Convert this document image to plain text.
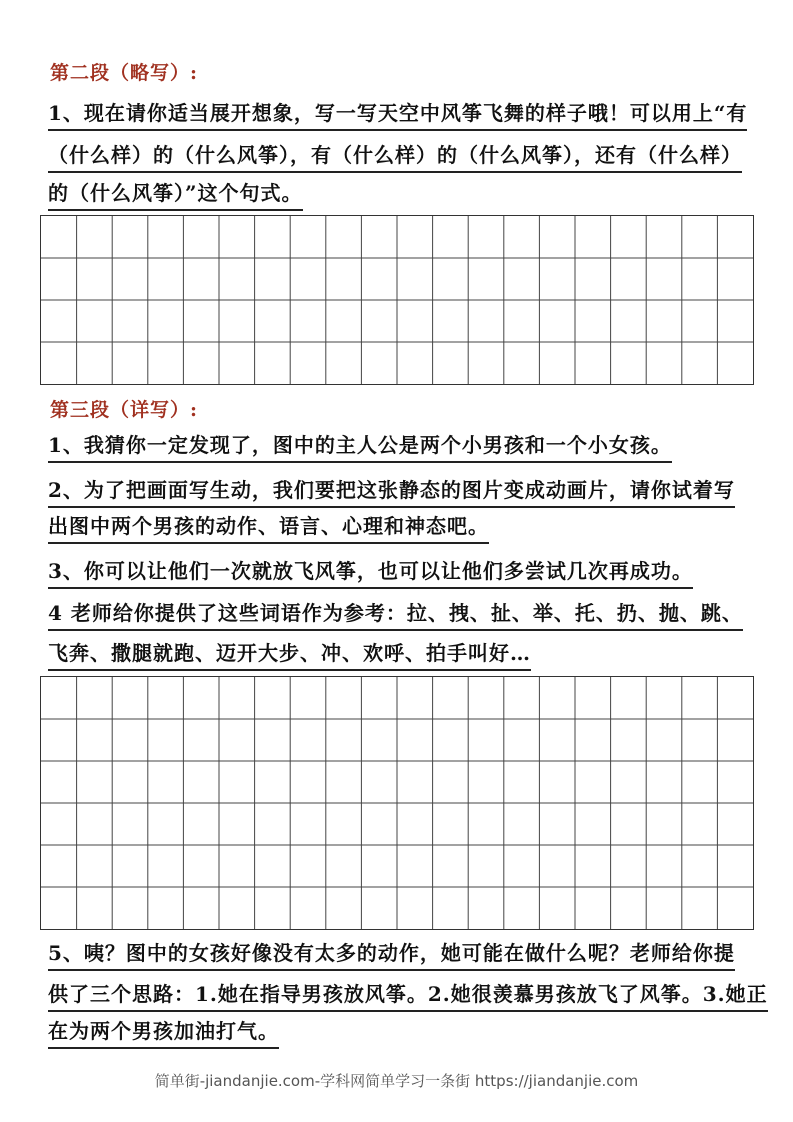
第二段（略写）:
1、现在请你适当展开想象，写一写天空中风筝飞舞的样子哦！可以用上“有
（什么样）的（什么风筝），有（什么样）的（什么风筝），还有（什么样）
的（什么风筝）”这个句式。
第三段（详写）:
1、我猜你一定发现了，图中的主人公是两个小男孩和一个小女孩。
2、为了把画面写生动，我们要把这张静态的图片变成动画片，请你试着写
出图中两个男孩的动作、语言、心理和神态吧。
3、你可以让他们一次就放飞风筝，也可以让他们多尝试几次再成功。
4 老师给你提供了这些词语作为参考：拉、拽、扯、举、托、扔、抛、跳、
飞奔、撒腿就跑、迈开大步、冲、欢呼、拍手叫好…
5、咦？图中的女孩好像没有太多的动作，她可能在做什么呢？老师给你提
供了三个思路：1.她在指导男孩放风筝。2.她很羡慕男孩放飞了风筝。3.她正
在为两个男孩加油打气。
简单街-jiandanjie.com-学科网简单学习一条街 https://jiandanjie.com
